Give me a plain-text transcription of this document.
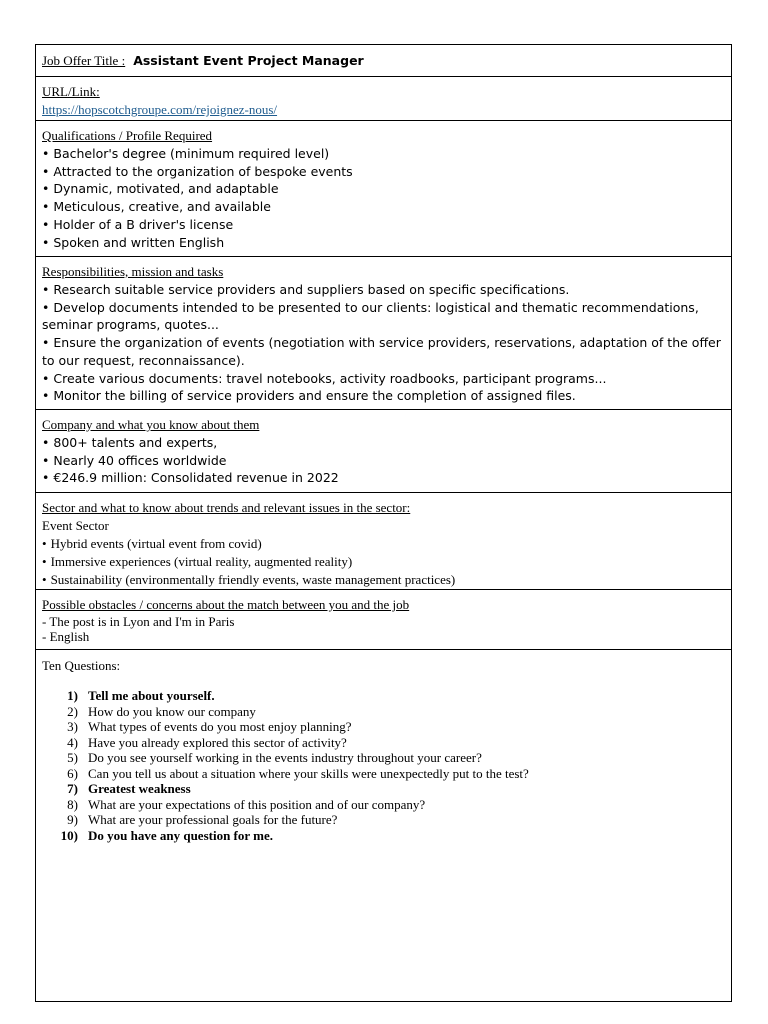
Job Offer Title : Assistant Event Project Manager
URL/Link:
https://hopscotchgroupe.com/rejoignez-nous/
Qualifications / Profile Required
• Bachelor's degree (minimum required level)
• Attracted to the organization of bespoke events
• Dynamic, motivated, and adaptable
• Meticulous, creative, and available
• Holder of a B driver's license
• Spoken and written English
Responsibilities, mission and tasks
• Research suitable service providers and suppliers based on specific specifications.
• Develop documents intended to be presented to our clients: logistical and thematic recommendations, seminar programs, quotes...
• Ensure the organization of events (negotiation with service providers, reservations, adaptation of the offer to our request, reconnaissance).
• Create various documents: travel notebooks, activity roadbooks, participant programs...
• Monitor the billing of service providers and ensure the completion of assigned files.
Company and what you know about them
• 800+ talents and experts,
• Nearly 40 offices worldwide
• €246.9 million: Consolidated revenue in 2022
Sector and what to know about trends and relevant issues in the sector:
Event Sector
• Hybrid events (virtual event from covid)
• Immersive experiences (virtual reality, augmented reality)
• Sustainability (environmentally friendly events, waste management practices)
Possible obstacles / concerns about the match between you and the job
- The post is in Lyon and I'm in Paris
- English
Ten Questions:
1) Tell me about yourself.
2) How do you know our company
3) What types of events do you most enjoy planning?
4) Have you already explored this sector of activity?
5) Do you see yourself working in the events industry throughout your career?
6) Can you tell us about a situation where your skills were unexpectedly put to the test?
7) Greatest weakness
8) What are your expectations of this position and of our company?
9) What are your professional goals for the future?
10) Do you have any question for me.
